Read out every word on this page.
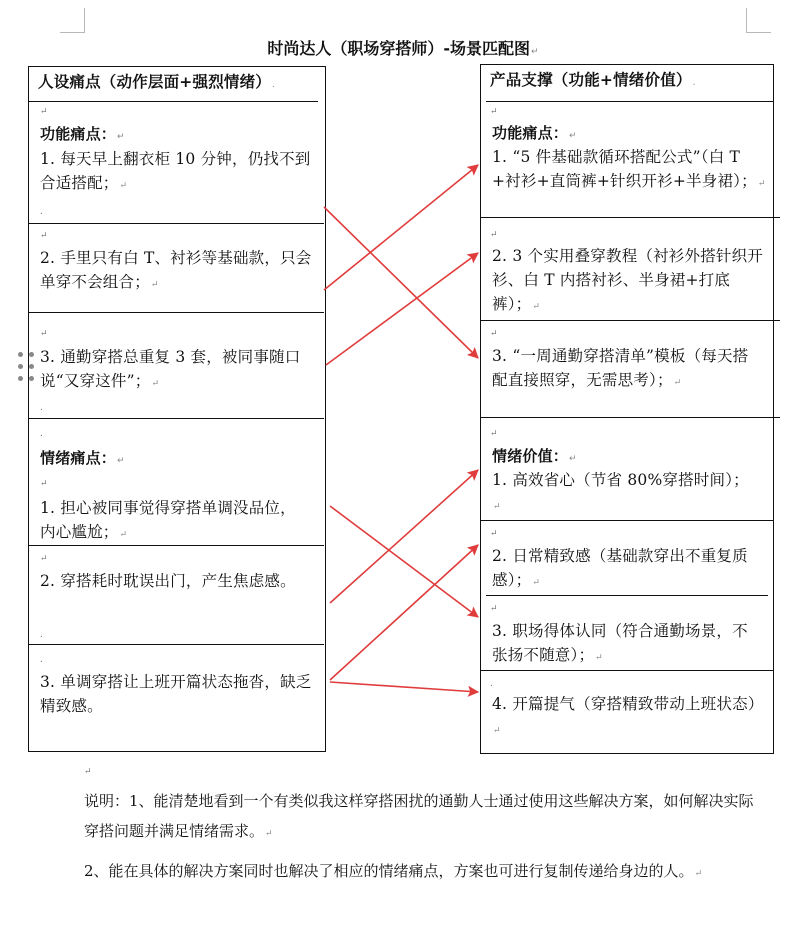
时尚达人（职场穿搭师）-场景匹配图↵
人设痛点（动作层面+强烈情绪）.
↵
功能痛点：↵
1. 每天早上翻衣柜 10 分钟，仍找不到合适搭配；↵
.
↵
2. 手里只有白 T、衬衫等基础款，只会单穿不会组合；↵
↵
3. 通勤穿搭总重复 3 套，被同事随口说“又穿这件”；↵
.
.
情绪痛点：↵
↵
1. 担心被同事觉得穿搭单调没品位，内心尴尬；↵
↵
2. 穿搭耗时耽误出门，产生焦虑感。
.
.
3. 单调穿搭让上班开篇状态拖沓，缺乏精致感。
产品支撑（功能+情绪价值）.
↵
功能痛点：↵
1. “5 件基础款循环搭配公式”（白 T+衬衫+直筒裤+针织开衫+半身裙）；↵
↵
2. 3 个实用叠穿教程（衬衫外搭针织开衫、白 T 内搭衬衫、半身裙+打底裤）；↵
↵
3. “一周通勤穿搭清单”模板（每天搭配直接照穿，无需思考）；↵
↵
情绪价值：↵
1. 高效省心（节省 80%穿搭时间）；↵
↵
2. 日常精致感（基础款穿出不重复质感）；↵
↵
3. 职场得体认同（符合通勤场景，不张扬不随意）；↵
.
4. 开篇提气（穿搭精致带动上班状态）↵
↵
说明：1、能清楚地看到一个有类似我这样穿搭困扰的通勤人士通过使用这些解决方案，如何解决实际穿搭问题并满足情绪需求。↵
2、能在具体的解决方案同时也解决了相应的情绪痛点，方案也可进行复制传递给身边的人。↵
